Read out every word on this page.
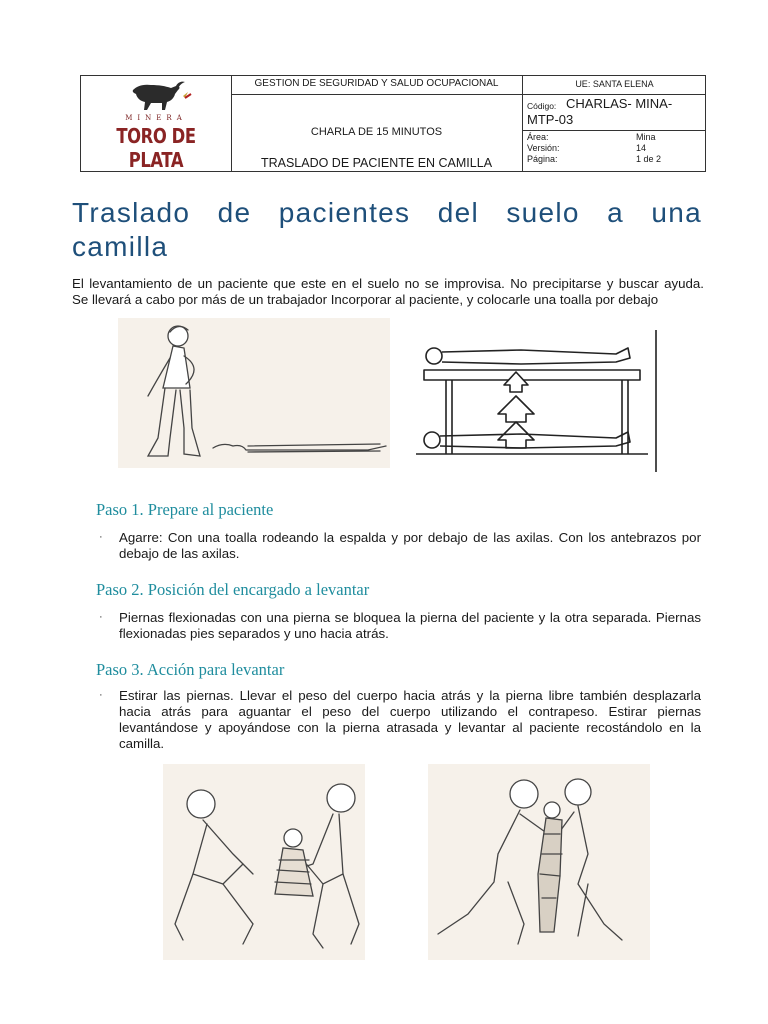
MINERA
TORO DE PLATA
GESTION DE SEGURIDAD Y SALUD OCUPACIONAL
CHARLA DE 15 MINUTOS
TRASLADO DE PACIENTE EN CAMILLA
UE: SANTA ELENA
Código: CHARLAS- MINA-
MTP-03
Área:	Mina
Versión:	14
Página:	1 de 2
Traslado de pacientes del suelo a una
camilla
El levantamiento de un paciente que este en el suelo no se improvisa. No precipitarse y buscar ayuda.
Se llevará a cabo por más de un trabajador Incorporar al paciente, y colocarle una toalla por debajo
Paso 1. Prepare al paciente
· Agarre: Con una toalla rodeando la espalda y por debajo de las axilas. Con los antebrazos por debajo de las axilas.
Paso 2. Posición del encargado a levantar
· Piernas flexionadas con una pierna se bloquea la pierna del paciente y la otra separada. Piernas flexionadas pies separados y uno hacia atrás.
Paso 3. Acción para levantar
· Estirar las piernas. Llevar el peso del cuerpo hacia atrás y la pierna libre también desplazarla hacia atrás para aguantar el peso del cuerpo utilizando el contrapeso. Estirar piernas levantándose y apoyándose con la pierna atrasada y levantar al paciente recostándolo en la camilla.
